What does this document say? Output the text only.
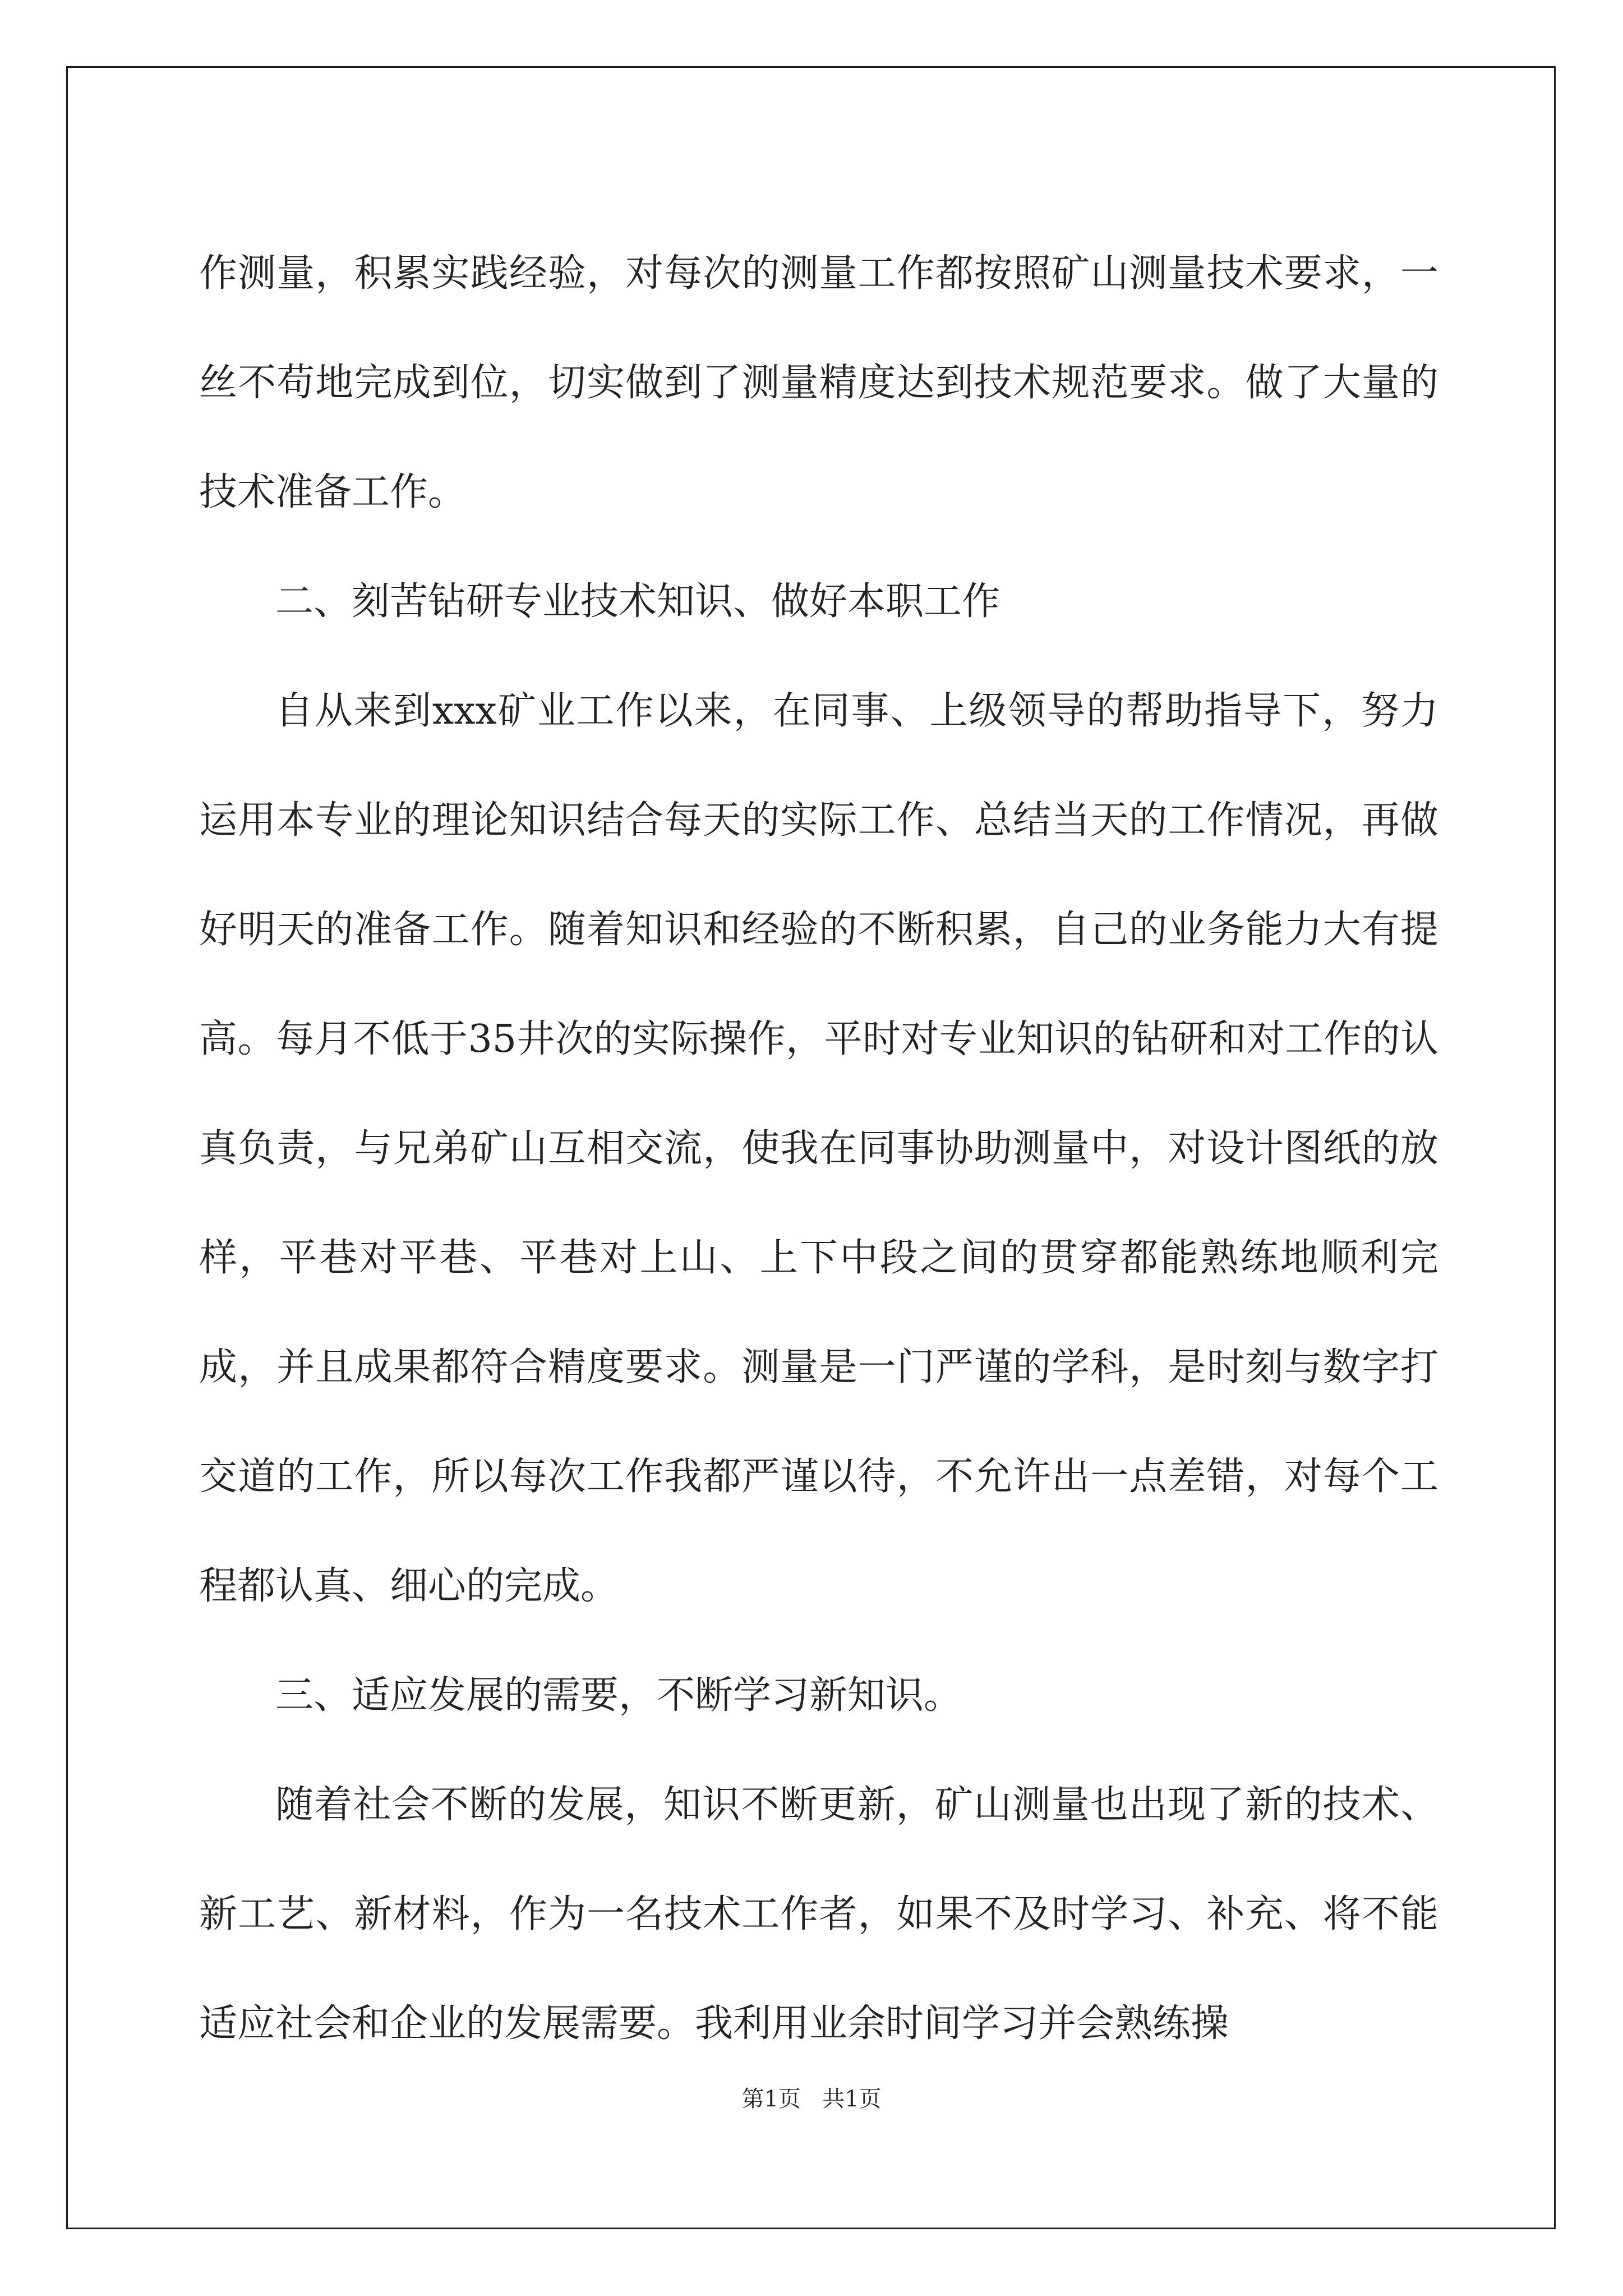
作测量，积累实践经验，对每次的测量工作都按照矿山测量技术要求，一丝不苟地完成到位，切实做到了测量精度达到技术规范要求。做了大量的技术准备工作。

二、刻苦钻研专业技术知识、做好本职工作

自从来到xxx矿业工作以来，在同事、上级领导的帮助指导下，努力运用本专业的理论知识结合每天的实际工作、总结当天的工作情况，再做好明天的准备工作。随着知识和经验的不断积累，自己的业务能力大有提高。每月不低于35井次的实际操作，平时对专业知识的钻研和对工作的认真负责，与兄弟矿山互相交流，使我在同事协助测量中，对设计图纸的放样，平巷对平巷、平巷对上山、上下中段之间的贯穿都能熟练地顺利完成，并且成果都符合精度要求。测量是一门严谨的学科，是时刻与数字打交道的工作，所以每次工作我都严谨以待，不允许出一点差错，对每个工程都认真、细心的完成。

三、适应发展的需要，不断学习新知识。

随着社会不断的发展，知识不断更新，矿山测量也出现了新的技术、新工艺、新材料，作为一名技术工作者，如果不及时学习、补充、将不能适应社会和企业的发展需要。我利用业余时间学习并会熟练操

第1页 共1页
